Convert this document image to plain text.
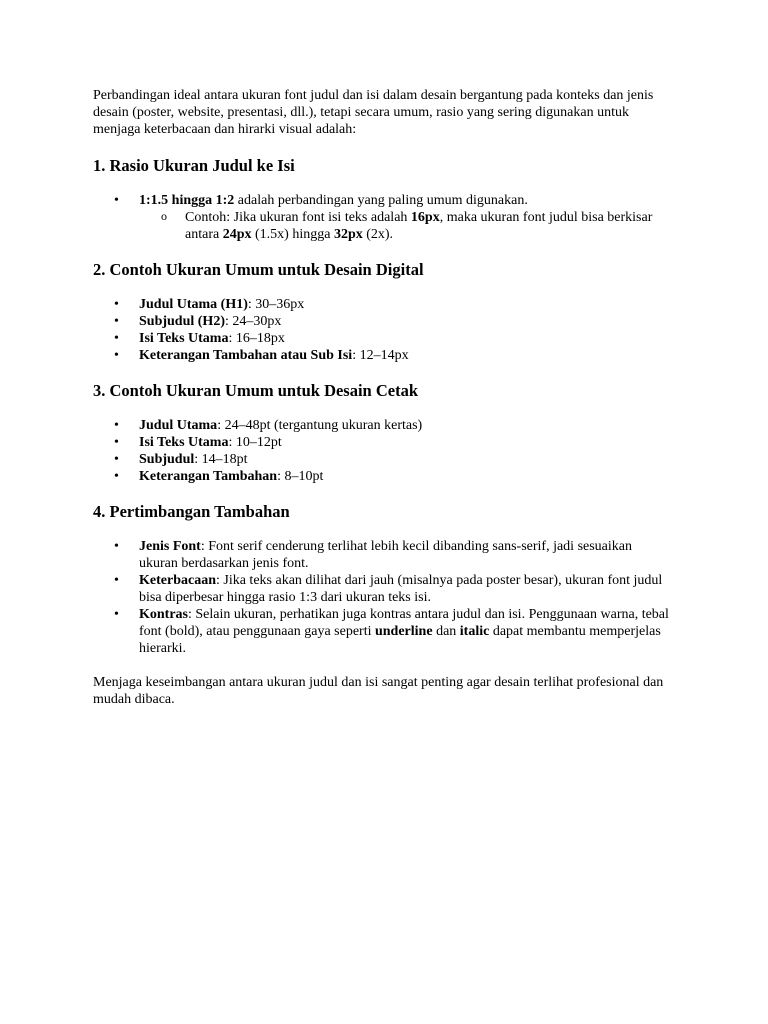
Perbandingan ideal antara ukuran font judul dan isi dalam desain bergantung pada konteks dan jenis desain (poster, website, presentasi, dll.), tetapi secara umum, rasio yang sering digunakan untuk menjaga keterbacaan dan hirarki visual adalah:

1. Rasio Ukuran Judul ke Isi
• 1:1.5 hingga 1:2 adalah perbandingan yang paling umum digunakan.
o Contoh: Jika ukuran font isi teks adalah 16px, maka ukuran font judul bisa berkisar antara 24px (1.5x) hingga 32px (2x).
2. Contoh Ukuran Umum untuk Desain Digital
• Judul Utama (H1): 30–36px
• Subjudul (H2): 24–30px
• Isi Teks Utama: 16–18px
• Keterangan Tambahan atau Sub Isi: 12–14px
3. Contoh Ukuran Umum untuk Desain Cetak
• Judul Utama: 24–48pt (tergantung ukuran kertas)
• Isi Teks Utama: 10–12pt
• Subjudul: 14–18pt
• Keterangan Tambahan: 8–10pt
4. Pertimbangan Tambahan
• Jenis Font: Font serif cenderung terlihat lebih kecil dibanding sans-serif, jadi sesuaikan ukuran berdasarkan jenis font.
• Keterbacaan: Jika teks akan dilihat dari jauh (misalnya pada poster besar), ukuran font judul bisa diperbesar hingga rasio 1:3 dari ukuran teks isi.
• Kontras: Selain ukuran, perhatikan juga kontras antara judul dan isi. Penggunaan warna, tebal font (bold), atau penggunaan gaya seperti underline dan italic dapat membantu memperjelas hierarki.

Menjaga keseimbangan antara ukuran judul dan isi sangat penting agar desain terlihat profesional dan mudah dibaca.
